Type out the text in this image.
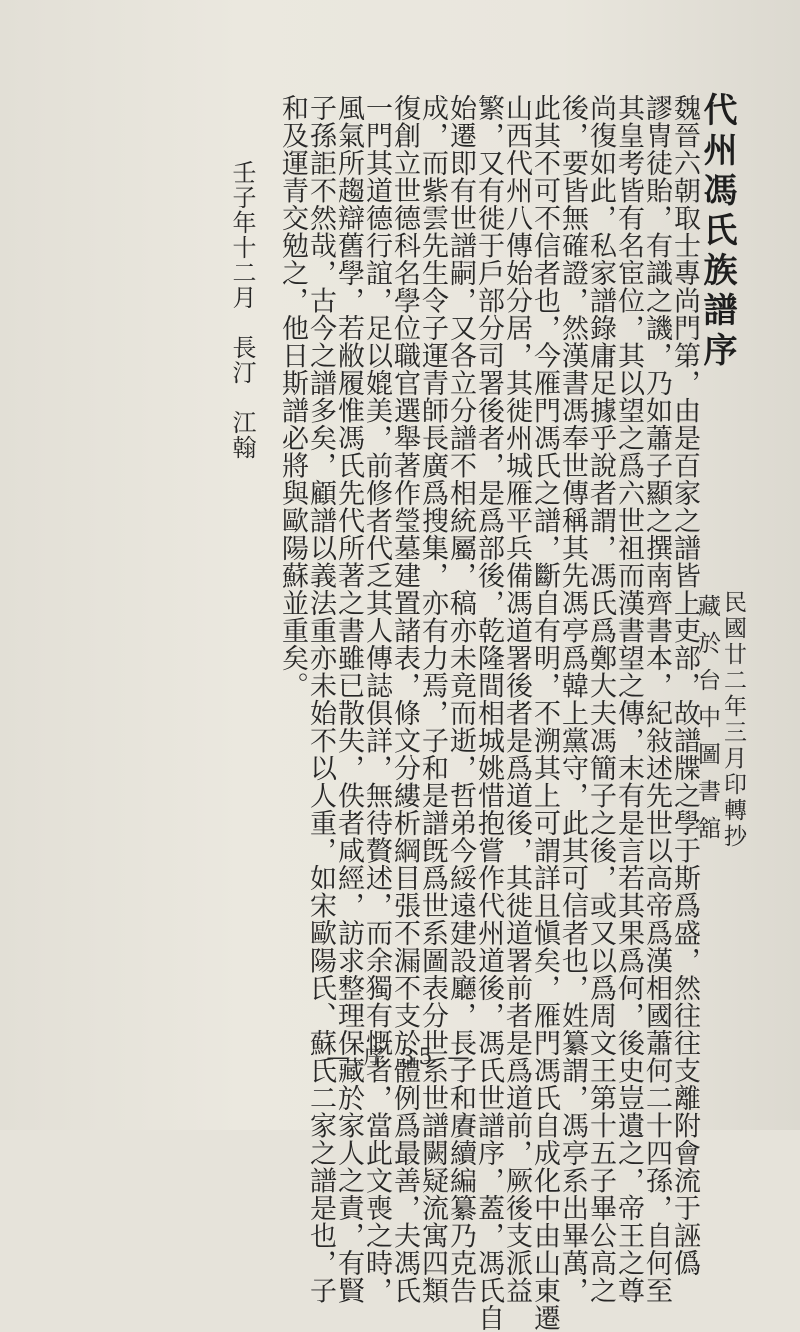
代州馮氏族譜序
民國廿二年三月印轉抄
藏於台中圖書舘
魏晉六朝取士專尚門第，由是百家之譜皆上吏部，故譜牒之學于斯爲盛，然往往支離附會流于誣僞
謬冑徒貽，有識之譏，乃如蕭子顯之撰南齊書本，紀敍述先世以高帝爲漢相國蕭何二十四孫，自何至
其皇考皆有名宦位，其以望之爲六世祖而漢書望之傳，末有是言若其果爲何，後史豈遺之，帝王之尊
尚復如此，私家譜錄庸足據乎說者謂，馮氏爲鄭大夫馮簡子之後，或又以爲周文王第十五子畢公高之
後，要皆無確證，然漢書馮奉世傳稱其先馮亭爲韓上黨守，此其可信者也，姓纂謂，馮亭系出畢萬，
此其不可不信者也，今雁門馮氏之譜，斷自有明，不溯其上可謂詳且愼矣，雁門馮氏自成化中由山東遷
山西代州八傳始分居，其徙州城雁平兵備馮道署後者是爲道後，其徙道署前者是爲道前，厥後支派益
繁，又有徙于戶部分司署後者，是爲部後，乾隆間相城姚惜抱嘗作代州道後，馮氏世譜序，蓋，馮氏自
始遷即有世譜嗣，又各立分譜不相統屬，稿亦未竟而逝，哲弟今綏遠建設廳，長子和賡續編纂乃克告
成，而紫雲先生令子運青師長廣爲搜集，亦有力焉，子和是譜旣爲世系圖表分世系世譜闕疑流寓四類
復創立世德科名學位職官選舉著作瑩墓建置諸表，條文分縷析綱目張不漏不支於體例爲最善，夫馮氏
一門其道德行誼，足以媲美，前修者代乏其人傳誌俱詳，無待贅述，而余獨有慨者，當此文喪之時，
風氣所趨辯舊學，若敝履惟馮氏先代所著之書雖已散失，佚者咸經，訪求整理保藏於家人之責，有賢
子孫詎不然哉，古今之譜多矣，顧譜以義法重亦未始不以人重，如宋歐陽氏、蘇氏二家之譜是也，子
和及運青交勉之，他日斯譜必將與歐陽蘇並重矣。
壬子年十二月
長汀　江翰
— 序 35 —
